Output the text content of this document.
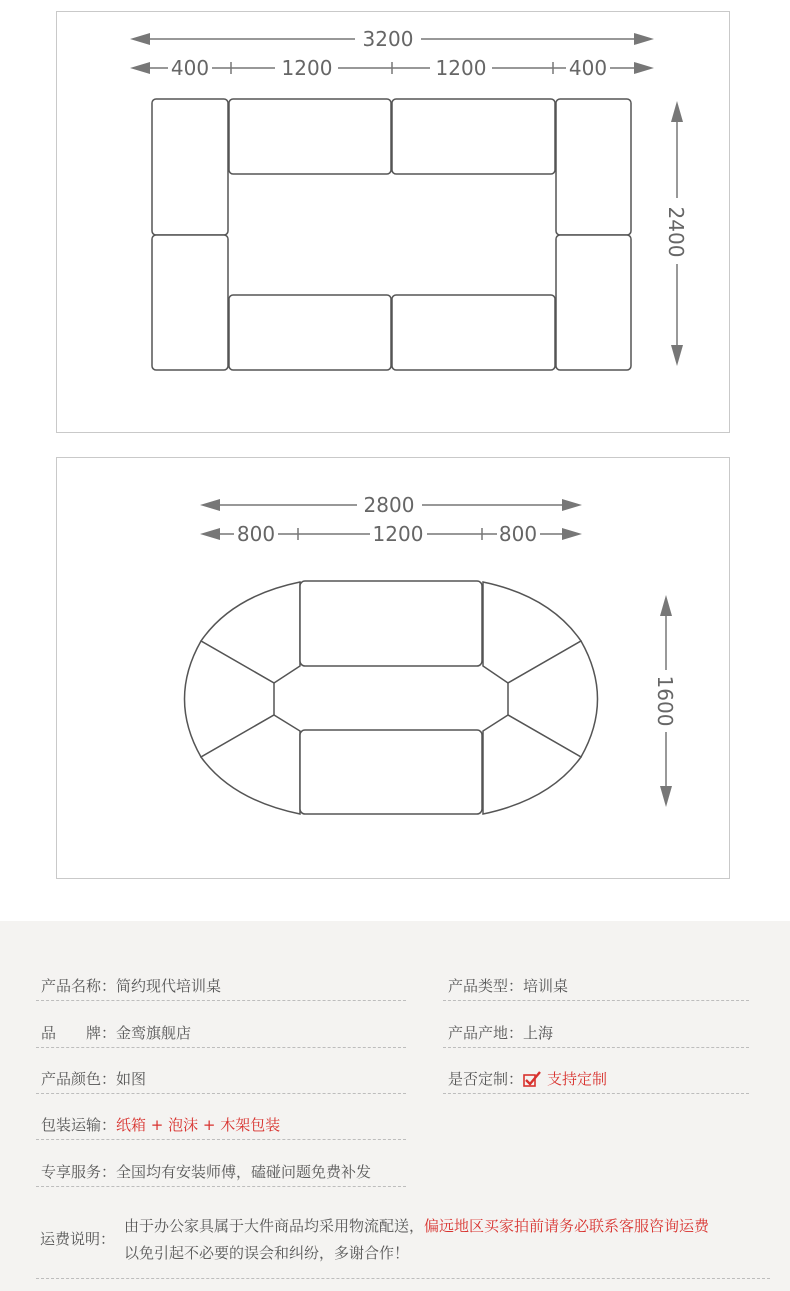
3200
400	1200	1200	400
2400
2800
800	1200	800
1600
产品名称：简约现代培训桌	产品类型：培训桌
品　　牌：金鸾旗舰店	产品产地：上海
产品颜色：如图	是否定制： 支持定制
包装运输：纸箱 + 泡沫 + 木架包装
专享服务：全国均有安装师傅，磕碰问题免费补发
运费说明：
由于办公家具属于大件商品均采用物流配送，偏远地区买家拍前请务必联系客服咨询运费
以免引起不必要的误会和纠纷，多谢合作！
